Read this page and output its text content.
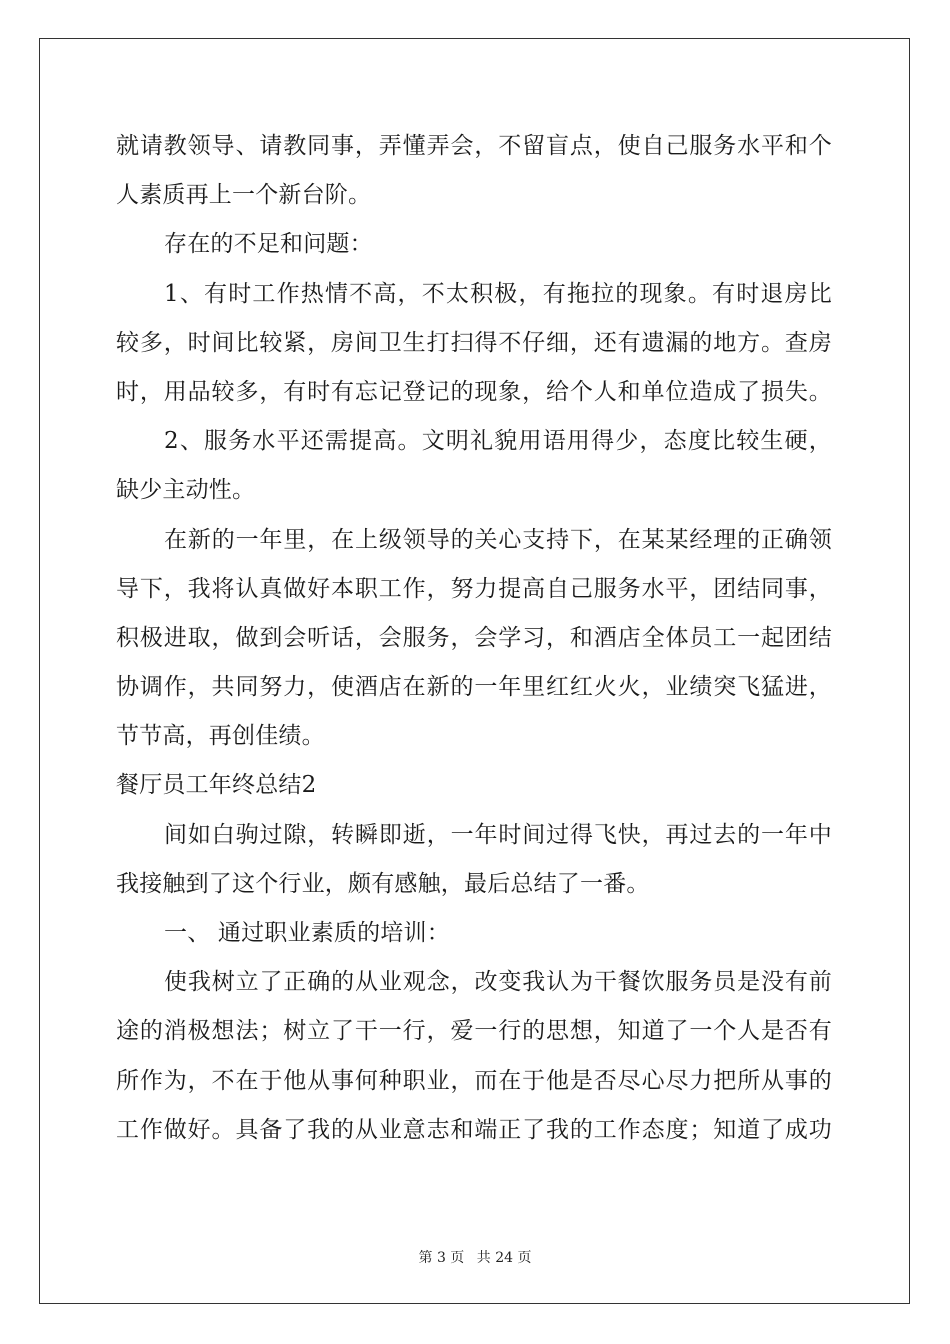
就请教领导、请教同事，弄懂弄会，不留盲点，使自己服务水平和个
人素质再上一个新台阶。
存在的不足和问题：
1、有时工作热情不高，不太积极，有拖拉的现象。有时退房比
较多，时间比较紧，房间卫生打扫得不仔细，还有遗漏的地方。查房
时，用品较多，有时有忘记登记的现象，给个人和单位造成了损失。
2、服务水平还需提高。文明礼貌用语用得少，态度比较生硬，
缺少主动性。
在新的一年里，在上级领导的关心支持下，在某某经理的正确领
导下，我将认真做好本职工作，努力提高自己服务水平，团结同事，
积极进取，做到会听话，会服务，会学习，和酒店全体员工一起团结
协调作，共同努力，使酒店在新的一年里红红火火，业绩突飞猛进，
节节高，再创佳绩。
餐厅员工年终总结2
间如白驹过隙，转瞬即逝，一年时间过得飞快，再过去的一年中
我接触到了这个行业，颇有感触，最后总结了一番。
一、 通过职业素质的培训：
使我树立了正确的从业观念，改变我认为干餐饮服务员是没有前
途的消极想法；树立了干一行，爱一行的思想，知道了一个人是否有
所作为，不在于他从事何种职业，而在于他是否尽心尽力把所从事的
工作做好。具备了我的从业意志和端正了我的工作态度；知道了成功
第 3 页 共 24 页
